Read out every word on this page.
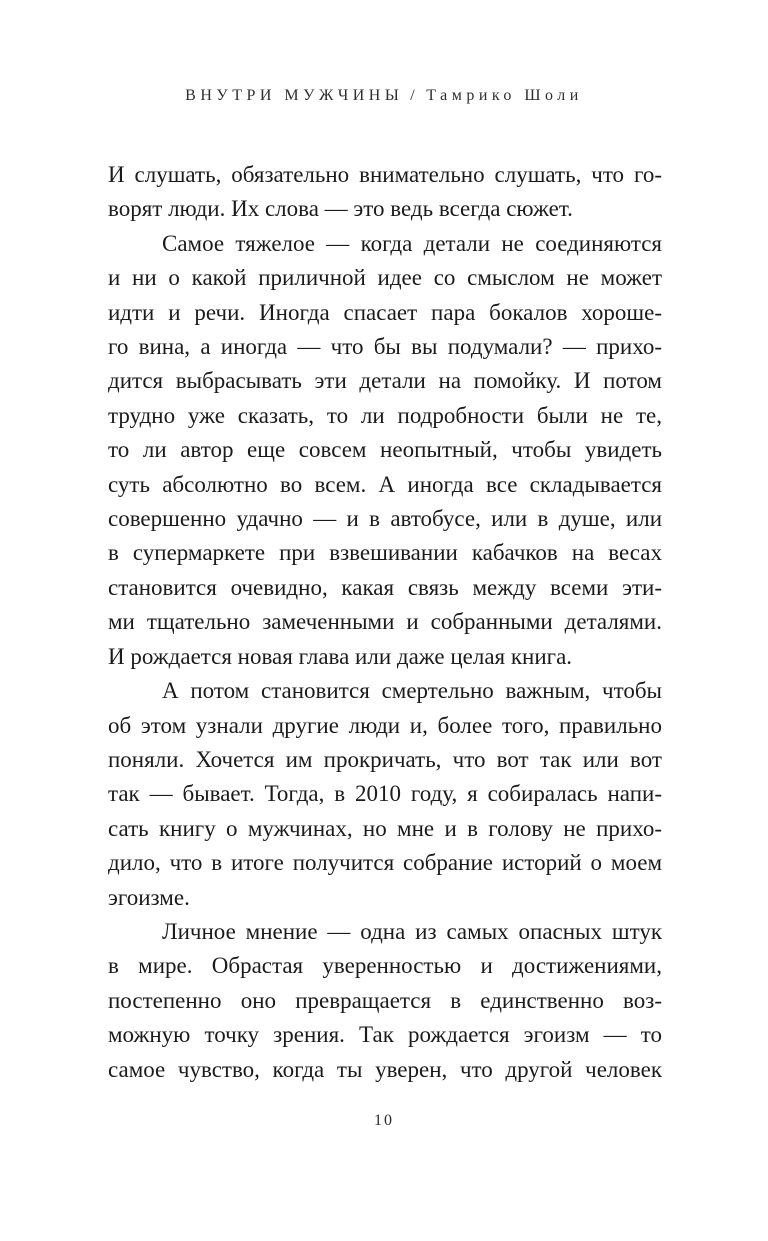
ВНУТРИ МУЖЧИНЫ / Тамрико Шоли
И слушать, обязательно внимательно слушать, что го-
ворят люди. Их слова — это ведь всегда сюжет.
Самое тяжелое — когда детали не соединяются
и ни о какой приличной идее со смыслом не может
идти и речи. Иногда спасает пара бокалов хороше-
го вина, а иногда — что бы вы подумали? — прихо-
дится выбрасывать эти детали на помойку. И потом
трудно уже сказать, то ли подробности были не те,
то ли автор еще совсем неопытный, чтобы увидеть
суть абсолютно во всем. А иногда все складывается
совершенно удачно — и в автобусе, или в душе, или
в супермаркете при взвешивании кабачков на весах
становится очевидно, какая связь между всеми эти-
ми тщательно замеченными и собранными деталями.
И рождается новая глава или даже целая книга.
А потом становится смертельно важным, чтобы
об этом узнали другие люди и, более того, правильно
поняли. Хочется им прокричать, что вот так или вот
так — бывает. Тогда, в 2010 году, я собиралась напи-
сать книгу о мужчинах, но мне и в голову не прихо-
дило, что в итоге получится собрание историй о моем
эгоизме.
Личное мнение — одна из самых опасных штук
в мире. Обрастая уверенностью и достижениями,
постепенно оно превращается в единственно воз-
можную точку зрения. Так рождается эгоизм — то
самое чувство, когда ты уверен, что другой человек
10
